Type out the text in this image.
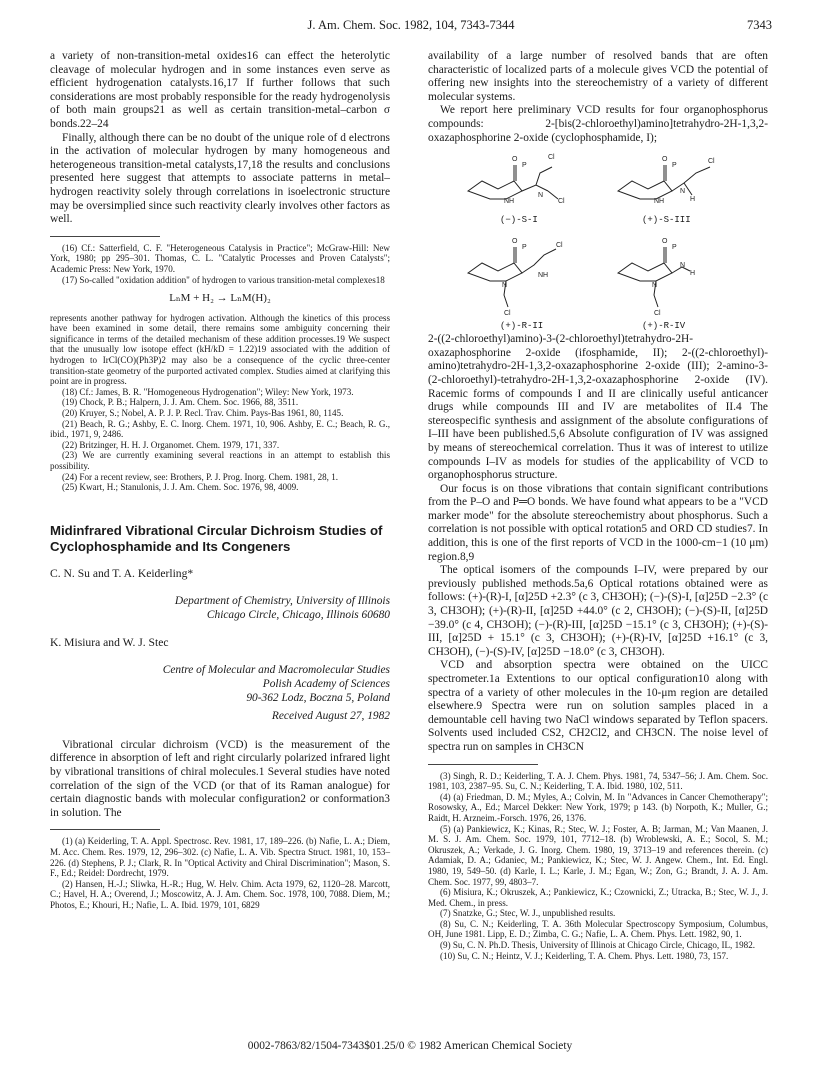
J. Am. Chem. Soc. 1982, 104, 7343-7344	7343

a variety of non-transition-metal oxides16 can effect the heterolytic cleavage of molecular hydrogen and in some instances even serve as efficient hydrogenation catalysts.16,17 If further follows that such considerations are most probably responsible for the ready hydrogenolysis of both main groups21 as well as certain transition-metal–carbon σ bonds.22–24

Finally, although there can be no doubt of the unique role of d electrons in the activation of molecular hydrogen by many homogeneous and heterogeneous transition-metal catalysts,17,18 the results and conclusions presented here suggest that attempts to associate patterns in metal–hydrogen reactivity solely through correlations in isoelectronic structure may be oversimplied since such reactivity clearly involves other factors as well.

(16) Cf.: Satterfield, C. F. "Heterogeneous Catalysis in Practice"; McGraw-Hill: New York, 1980; pp 295–301. Thomas, C. L. "Catalytic Processes and Proven Catalysts"; Academic Press: New York, 1970.

(17) So-called "oxidation addition" of hydrogen to various transition-metal complexes18

LₙM + H₂ → LₙM(H)₂

represents another pathway for hydrogen activation. Although the kinetics of this process have been examined in some detail, there remains some ambiguity concerning their significance in terms of the detailed mechanism of these addition processes.19 We suspect that the unusually low isotope effect (kH/kD = 1.22)19 associated with the addition of hydrogen to IrCl(CO)(Ph3P)2 may also be a consequence of the cyclic three-center transition-state geometry of the purported activated complex. Studies aimed at clarifying this point are in progress.

(18) Cf.: James, B. R. "Homogeneous Hydrogenation"; Wiley: New York, 1973.

(19) Chock, P. B.; Halpern, J. J. Am. Chem. Soc. 1966, 88, 3511.

(20) Kruyer, S.; Nobel, A. P. J. P. Recl. Trav. Chim. Pays-Bas 1961, 80, 1145.

(21) Beach, R. G.; Ashby, E. C. Inorg. Chem. 1971, 10, 906. Ashby, E. C.; Beach, R. G., ibid., 1971, 9, 2486.

(22) Britzinger, H. H. J. Organomet. Chem. 1979, 171, 337.

(23) We are currently examining several reactions in an attempt to establish this possibility.

(24) For a recent review, see: Brothers, P. J. Prog. Inorg. Chem. 1981, 28, 1.

(25) Kwart, H.; Stanulonis, J. J. Am. Chem. Soc. 1976, 98, 4009.

Midinfrared Vibrational Circular Dichroism Studies of Cyclophosphamide and Its Congeners

C. N. Su and T. A. Keiderling*

Department of Chemistry, University of Illinois

Chicago Circle, Chicago, Illinois 60680

K. Misiura and W. J. Stec

Centre of Molecular and Macromolecular Studies

Polish Academy of Sciences

90-362 Lodz, Boczna 5, Poland

Received August 27, 1982

Vibrational circular dichroism (VCD) is the measurement of the difference in absorption of left and right circularly polarized infrared light by vibrational transitions of chiral molecules.1 Several studies have noted correlation of the sign of the VCD (or that of its Raman analogue) for certain diagnostic bands with molecular configuration2 or conformation3 in solution. The

(1) (a) Keiderling, T. A. Appl. Spectrosc. Rev. 1981, 17, 189–226. (b) Nafie, L. A.; Diem, M. Acc. Chem. Res. 1979, 12, 296–302. (c) Nafie, L. A. Vib. Spectra Struct. 1981, 10, 153–226. (d) Stephens, P. J.; Clark, R. In "Optical Activity and Chiral Discrimination"; Mason, S. F., Ed.; Reidel: Dordrecht, 1979.

(2) Hansen, H.-J.; Sliwka, H.-R.; Hug, W. Helv. Chim. Acta 1979, 62, 1120–28. Marcott, C.; Havel, H. A.; Overend, J.; Moscowitz, A. J. Am. Chem. Soc. 1978, 100, 7088. Diem, M.; Photos, E.; Khouri, H.; Nafie, L. A. Ibid. 1979, 101, 6829

availability of a large number of resolved bands that are often characteristic of localized parts of a molecule gives VCD the potential of offering new insights into the stereochemistry of a variety of different molecular systems.

We report here preliminary VCD results for four organophosphorus compounds: 2-[bis(2-chloroethyl)amino]tetrahydro-2H-1,3,2-oxazaphosphorine 2-oxide (cyclophosphamide, I);

O
P
Cl
Cl
N
NH
O
P
Cl
H
N
NH
O
P	Cl
NH
N
Cl
O
P
H
N
N
Cl
(−)-S-I	(+)-S-III
(+)-R-II	(+)-R-IV

2-((2-chloroethyl)amino)-3-(2-chloroethyl)tetrahydro-2H-oxazaphosphorine 2-oxide (ifosphamide, II); 2-((2-chloroethyl)-amino)tetrahydro-2H-1,3,2-oxazaphosphorine 2-oxide (III); 2-amino-3-(2-chloroethyl)-tetrahydro-2H-1,3,2-oxazaphosphorine 2-oxide (IV). Racemic forms of compounds I and II are clinically useful anticancer drugs while compounds III and IV are metabolites of II.4 The stereospecific synthesis and assignment of the absolute configurations of I–III have been published.5,6 Absolute configuration of IV was assigned by means of stereochemical correlation. Thus it was of interest to utilize compounds I–IV as models for studies of the applicability of VCD to organophosphorus structure.

Our focus is on those vibrations that contain significant contributions from the P–O and P═O bonds. We have found what appears to be a "VCD marker mode" for the absolute stereochemistry about phosphorus. Such a correlation is not possible with optical rotation5 and ORD CD studies7. In addition, this is one of the first reports of VCD in the 1000-cm−1 (10 μm) region.8,9

The optical isomers of the compounds I–IV, were prepared by our previously published methods.5a,6 Optical rotations obtained were as follows: (+)-(R)-I, [α]25D +2.3° (c 3, CH3OH); (−)-(S)-I, [α]25D −2.3° (c 3, CH3OH); (+)-(R)-II, [α]25D +44.0° (c 2, CH3OH); (−)-(S)-II, [α]25D −39.0° (c 4, CH3OH); (−)-(R)-III, [α]25D −15.1° (c 3, CH3OH); (+)-(S)-III, [α]25D + 15.1° (c 3, CH3OH); (+)-(R)-IV, [α]25D +16.1° (c 3, CH3OH), (−)-(S)-IV, [α]25D −18.0° (c 3, CH3OH).

VCD and absorption spectra were obtained on the UICC spectrometer.1a Extentions to our optical configuration10 along with spectra of a variety of other molecules in the 10-μm region are detailed elsewhere.9 Spectra were run on solution samples placed in a demountable cell having two NaCl windows separated by Teflon spacers. Solvents used included CS2, CH2Cl2, and CH3CN. The noise level of spectra run on samples in CH3CN

(3) Singh, R. D.; Keiderling, T. A. J. Chem. Phys. 1981, 74, 5347–56; J. Am. Chem. Soc. 1981, 103, 2387–95. Su, C. N.; Keiderling, T. A. Ibid. 1980, 102, 511.

(4) (a) Friedman, D. M.; Myles, A.; Colvin, M. In "Advances in Cancer Chemotherapy"; Rosowsky, A., Ed.; Marcel Dekker: New York, 1979; p 143. (b) Norpoth, K.; Muller, G.; Raidt, H. Arzneim.-Forsch. 1976, 26, 1376.

(5) (a) Pankiewicz, K.; Kinas, R.; Stec, W. J.; Foster, A. B; Jarman, M.; Van Maanen, J. M. S. J. Am. Chem. Soc. 1979, 101, 7712–18. (b) Wroblewski, A. E.; Socol, S. M.; Okruszek, A.; Verkade, J. G. Inorg. Chem. 1980, 19, 3713–19 and references therein. (c) Adamiak, D. A.; Gdaniec, M.; Pankiewicz, K.; Stec, W. J. Angew. Chem., Int. Ed. Engl. 1980, 19, 549–50. (d) Karle, I. L.; Karle, J. M.; Egan, W.; Zon, G.; Brandt, J. A. J. Am. Chem. Soc. 1977, 99, 4803–7.

(6) Misiura, K.; Okruszek, A.; Pankiewicz, K.; Czownicki, Z.; Utracka, B.; Stec, W. J., J. Med. Chem., in press.

(7) Snatzke, G.; Stec, W. J., unpublished results.

(8) Su, C. N.; Keiderling, T. A. 36th Molecular Spectroscopy Symposium, Columbus, OH, June 1981. Lipp, E. D.; Zimba, C. G.; Nafie, L. A. Chem. Phys. Lett. 1982, 90, 1.

(9) Su, C. N. Ph.D. Thesis, University of Illinois at Chicago Circle, Chicago, IL, 1982.

(10) Su, C. N.; Heintz, V. J.; Keiderling, T. A. Chem. Phys. Lett. 1980, 73, 157.

0002-7863/82/1504-7343$01.25/0 © 1982 American Chemical Society
